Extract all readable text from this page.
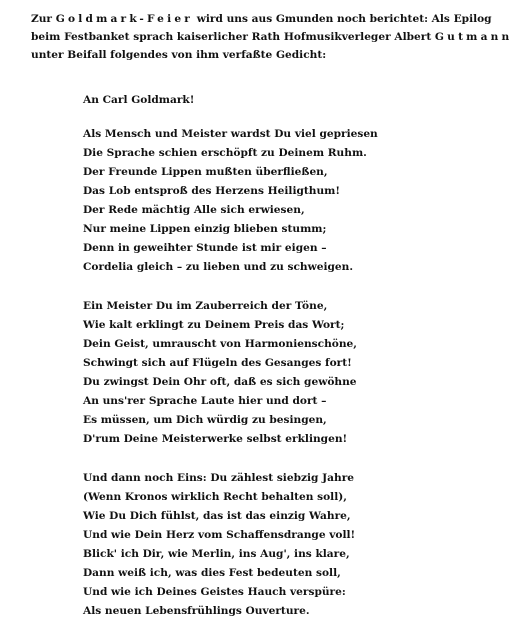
Zur Goldmark-Feier wird uns aus Gmunden noch berichtet: Als Epilog
beim Festbanket sprach kaiserlicher Rath Hofmusikverleger Albert Gutmann
unter Beifall folgendes von ihm verfaßte Gedicht:
An Carl Goldmark!
Als Mensch und Meister wardst Du viel gepriesen
Die Sprache schien erschöpft zu Deinem Ruhm.
Der Freunde Lippen mußten überfließen,
Das Lob entsproß des Herzens Heiligthum!
Der Rede mächtig Alle sich erwiesen,
Nur meine Lippen einzig blieben stumm;
Denn in geweihter Stunde ist mir eigen –
Cordelia gleich – zu lieben und zu schweigen.
Ein Meister Du im Zauberreich der Töne,
Wie kalt erklingt zu Deinem Preis das Wort;
Dein Geist, umrauscht von Harmonienschöne,
Schwingt sich auf Flügeln des Gesanges fort!
Du zwingst Dein Ohr oft, daß es sich gewöhne
An uns'rer Sprache Laute hier und dort –
Es müssen, um Dich würdig zu besingen,
D'rum Deine Meisterwerke selbst erklingen!
Und dann noch Eins: Du zählest siebzig Jahre
(Wenn Kronos wirklich Recht behalten soll),
Wie Du Dich fühlst, das ist das einzig Wahre,
Und wie Dein Herz vom Schaffensdrange voll!
Blick' ich Dir, wie Merlin, ins Aug', ins klare,
Dann weiß ich, was dies Fest bedeuten soll,
Und wie ich Deines Geistes Hauch verspüre:
Als neuen Lebensfrühlings Ouverture.
